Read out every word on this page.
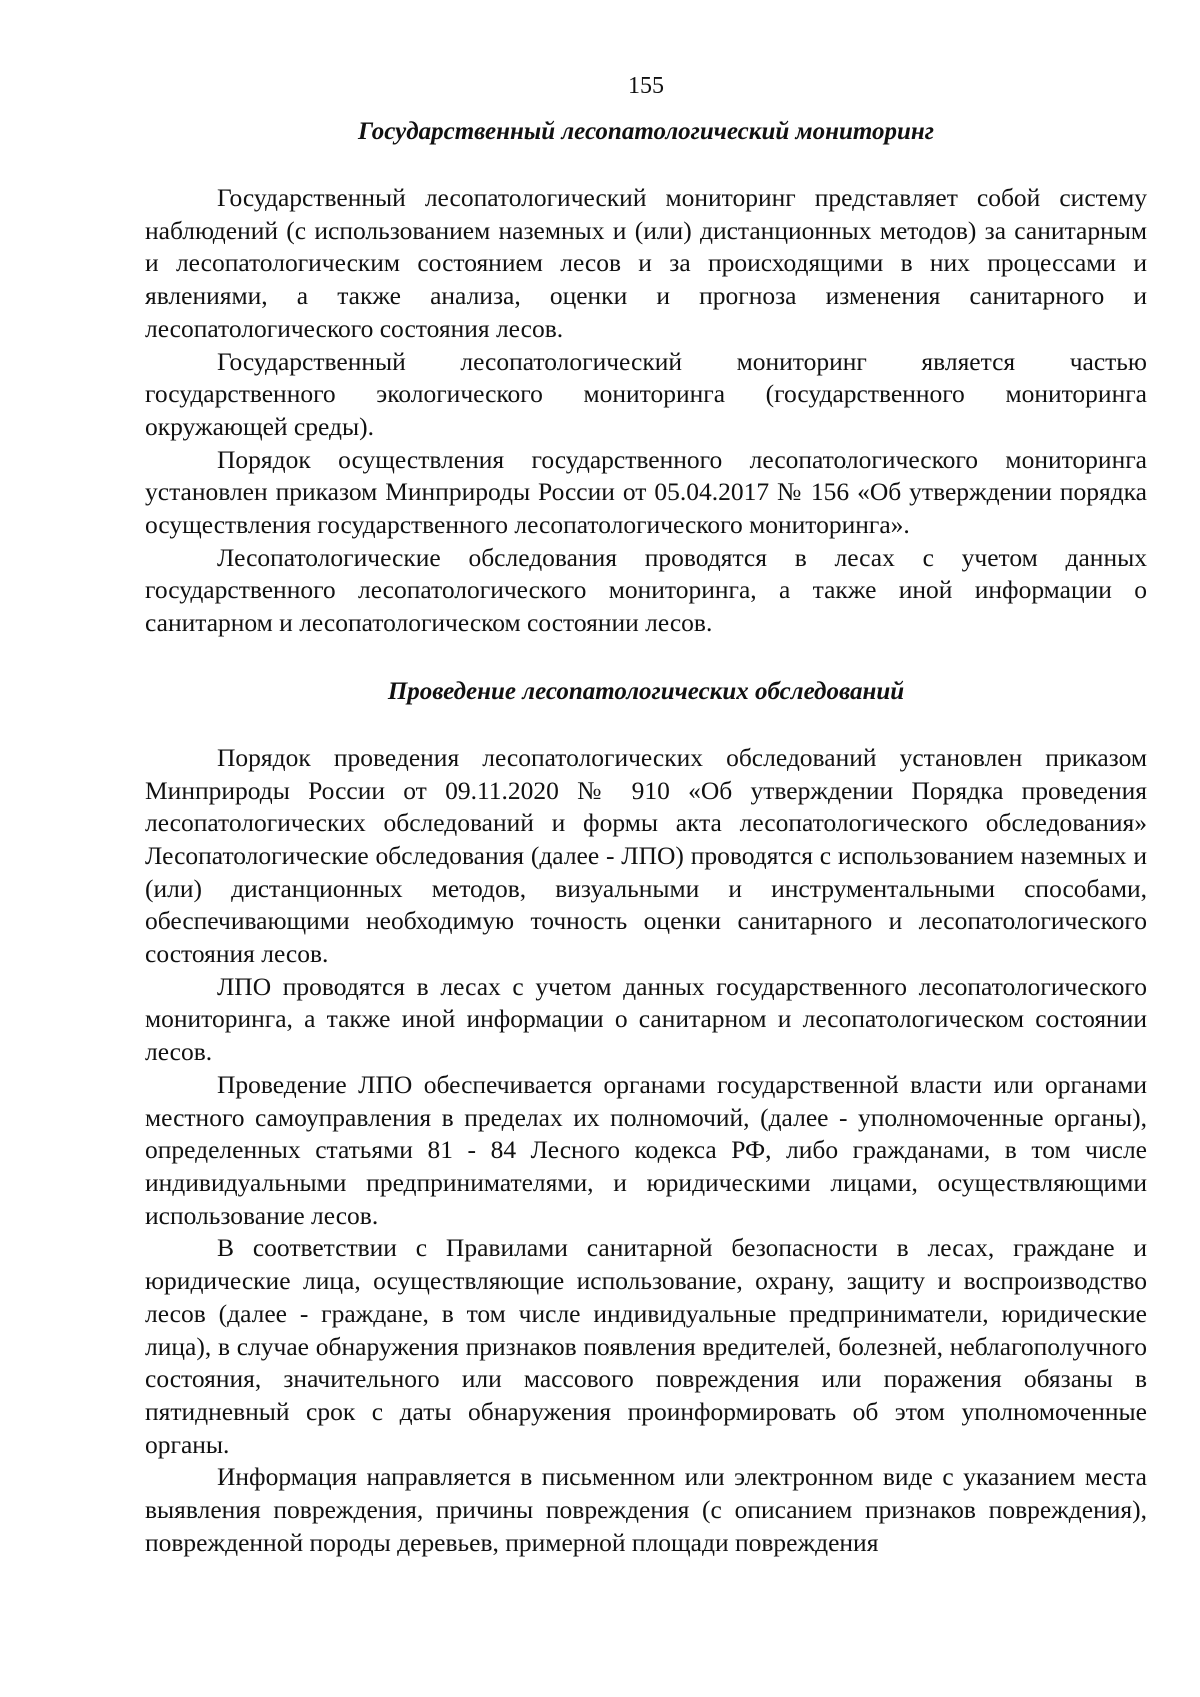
155
Государственный лесопатологический мониторинг

Государственный лесопатологический мониторинг представляет собой систему наблюдений (с использованием наземных и (или) дистанционных методов) за санитарным и лесопатологическим состоянием лесов и за происходящими в них процессами и явлениями, а также анализа, оценки и прогноза изменения санитарного и лесопатологического состояния лесов.

Государственный лесопатологический мониторинг является частью государственного экологического мониторинга (государственного мониторинга окружающей среды).

Порядок осуществления государственного лесопатологического мониторинга установлен приказом Минприроды России от 05.04.2017 № 156 «Об утверждении порядка осуществления государственного лесопатологического мониторинга».

Лесопатологические обследования проводятся в лесах с учетом данных государственного лесопатологического мониторинга, а также иной информации о санитарном и лесопатологическом состоянии лесов.

Проведение лесопатологических обследований

Порядок проведения лесопатологических обследований установлен приказом Минприроды России от 09.11.2020 № 910 «Об утверждении Порядка проведения лесопатологических обследований и формы акта лесопатологического обследования» Лесопатологические обследования (далее - ЛПО) проводятся с использованием наземных и (или) дистанционных методов, визуальными и инструментальными способами, обеспечивающими необходимую точность оценки санитарного и лесопатологического состояния лесов.

ЛПО проводятся в лесах с учетом данных государственного лесопатологического мониторинга, а также иной информации о санитарном и лесопатологическом состоянии лесов.

Проведение ЛПО обеспечивается органами государственной власти или органами местного самоуправления в пределах их полномочий, (далее - уполномоченные органы), определенных статьями 81 - 84 Лесного кодекса РФ, либо гражданами, в том числе индивидуальными предпринимателями, и юридическими лицами, осуществляющими использование лесов.

В соответствии с Правилами санитарной безопасности в лесах, граждане и юридические лица, осуществляющие использование, охрану, защиту и воспроизводство лесов (далее - граждане, в том числе индивидуальные предприниматели, юридические лица), в случае обнаружения признаков появления вредителей, болезней, неблагополучного состояния, значительного или массового повреждения или поражения обязаны в пятидневный срок с даты обнаружения проинформировать об этом уполномоченные органы.

Информация направляется в письменном или электронном виде с указанием места выявления повреждения, причины повреждения (с описанием признаков повреждения), поврежденной породы деревьев, примерной площади повреждения
